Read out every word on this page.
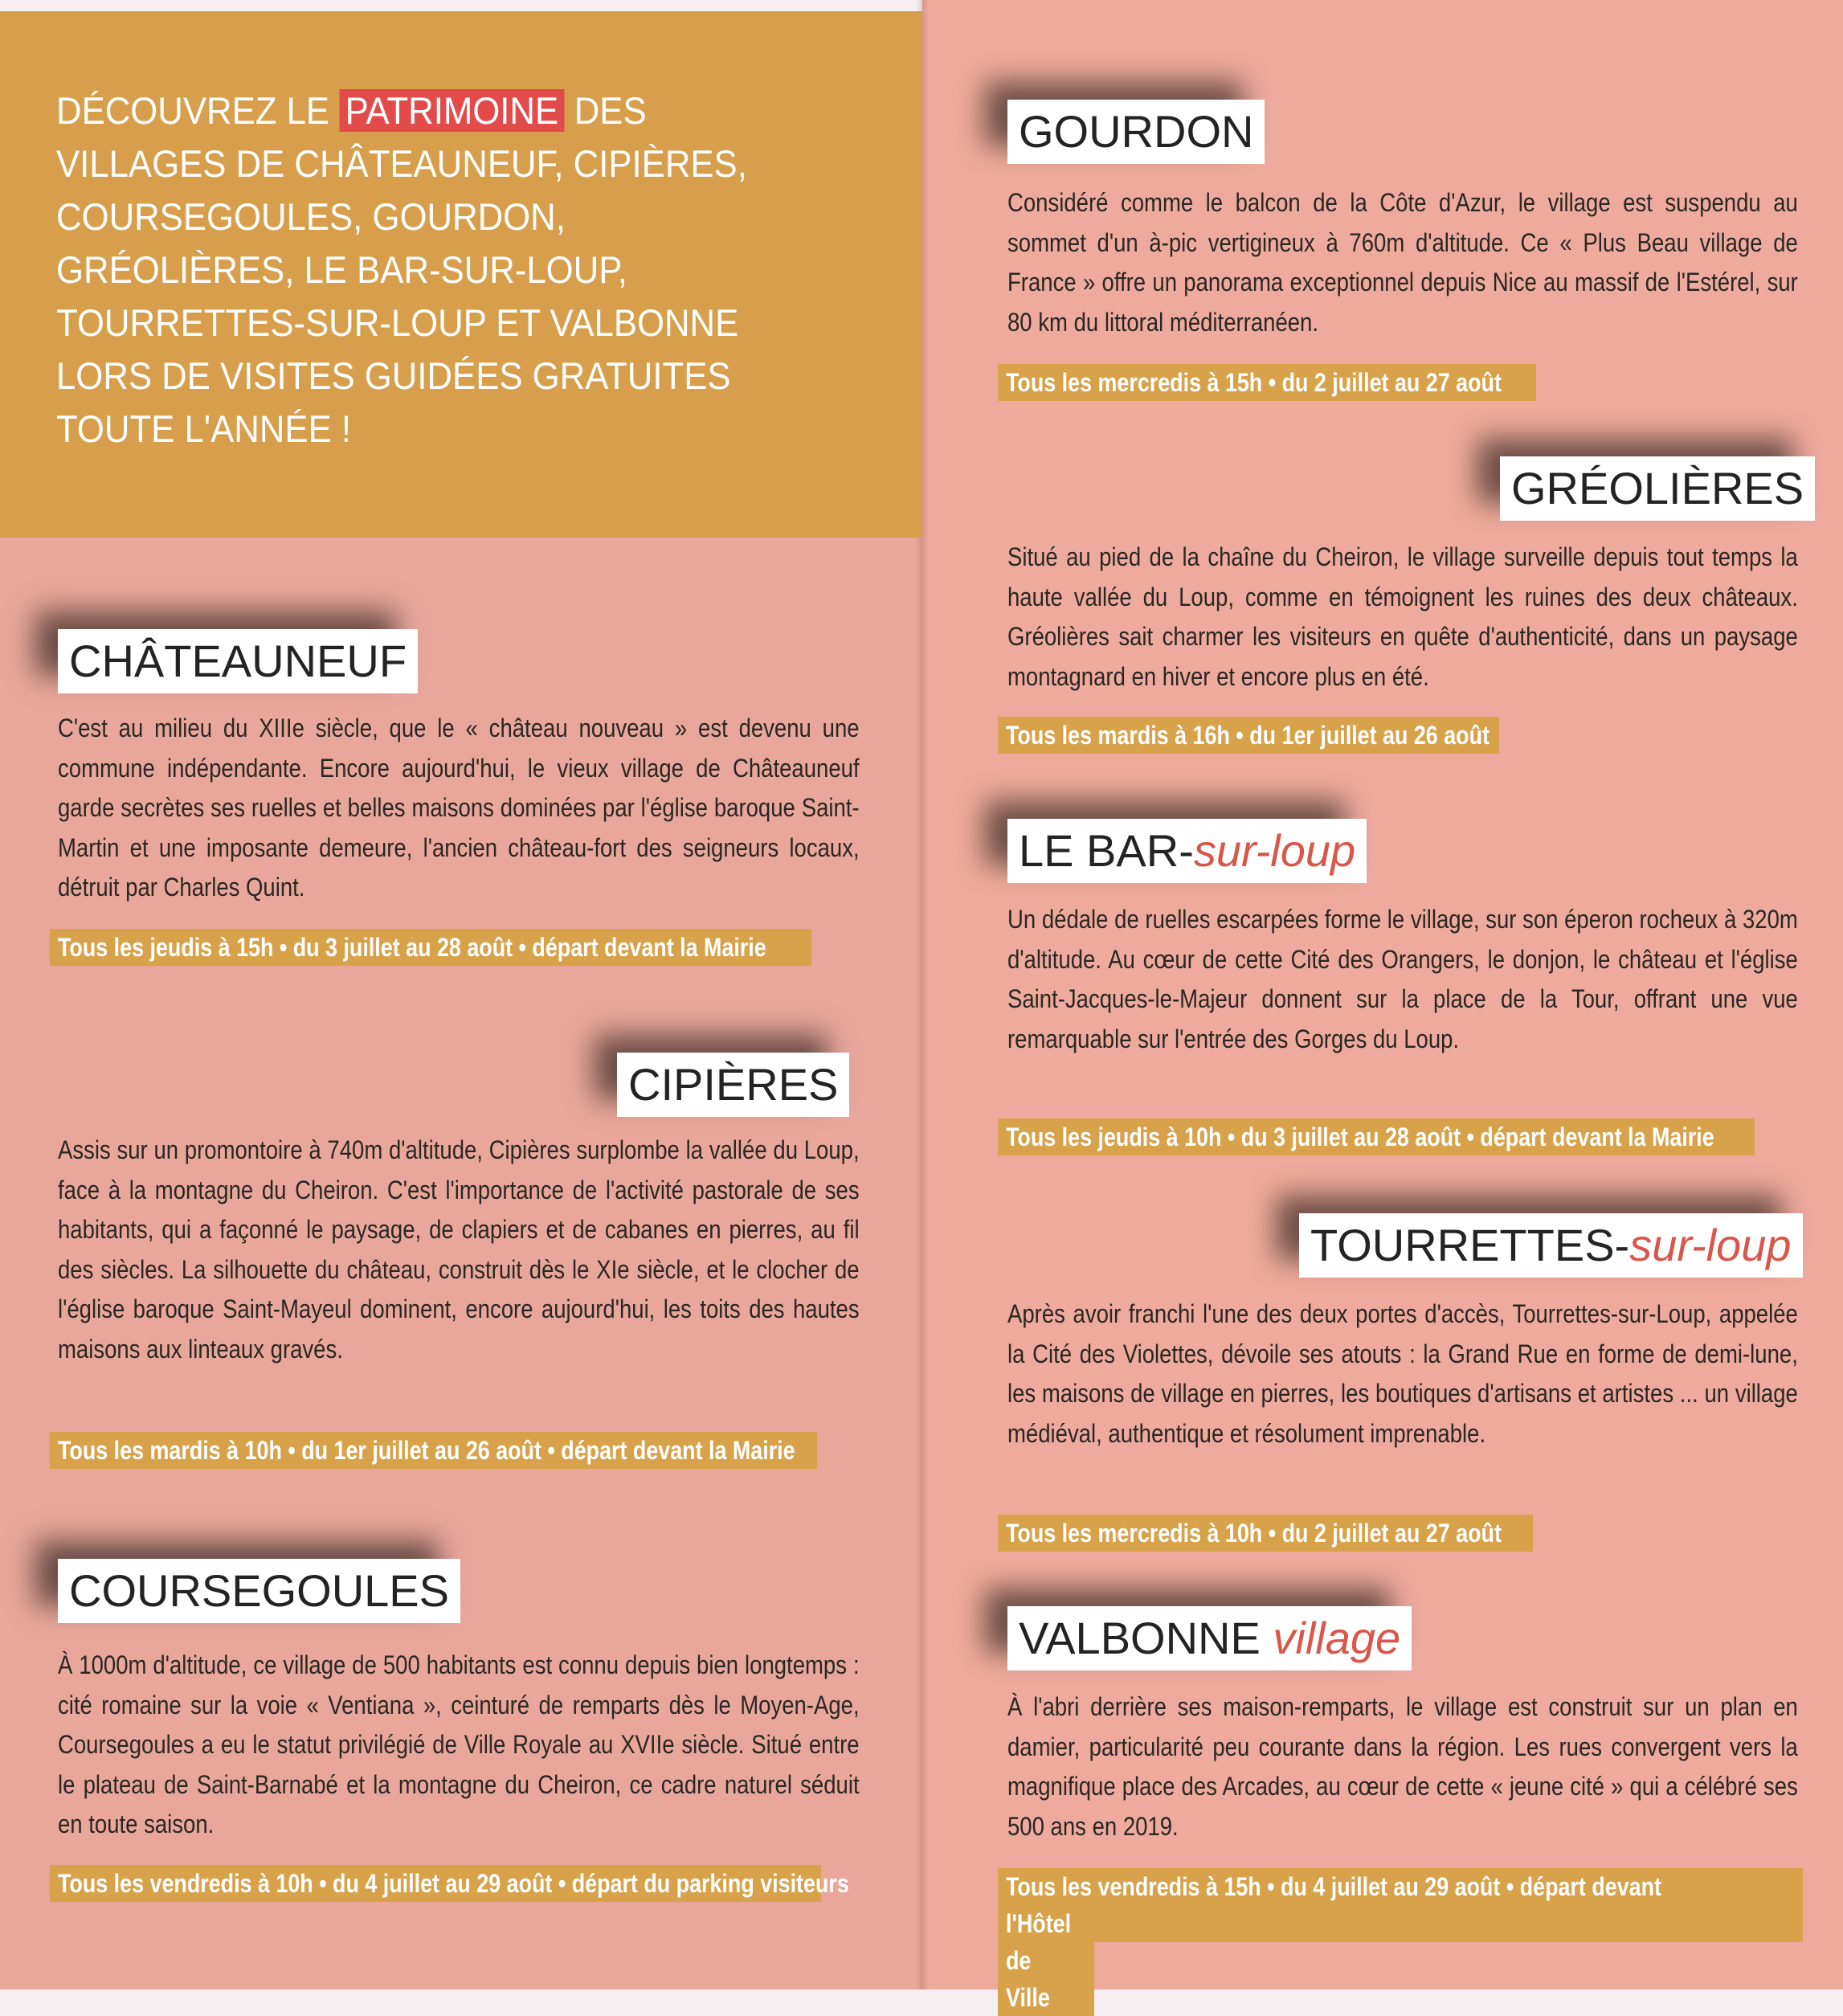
DÉCOUVREZ LE PATRIMOINE DES VILLAGES DE CHÂTEAUNEUF, CIPIÈRES, COURSEGOULES, GOURDON, GRÉOLIÈRES, LE BAR-SUR-LOUP, TOURRETTES-SUR-LOUP ET VALBONNE LORS DE VISITES GUIDÉES GRATUITES TOUTE L'ANNÉE !
CHÂTEAUNEUF
C'est au milieu du XIIIe siècle, que le « château nouveau » est devenu une commune indépendante. Encore aujourd'hui, le vieux village de Châteauneuf garde secrètes ses ruelles et belles maisons dominées par l'église baroque Saint-Martin et une imposante demeure, l'ancien château-fort des seigneurs locaux, détruit par Charles Quint.
Tous les jeudis à 15h • du 3 juillet au 28 août • départ devant la Mairie
CIPIÈRES
Assis sur un promontoire à 740m d'altitude, Cipières surplombe la vallée du Loup, face à la montagne du Cheiron. C'est l'importance de l'activité pastorale de ses habitants, qui a façonné le paysage, de clapiers et de cabanes en pierres, au fil des siècles. La silhouette du château, construit dès le XIe siècle, et le clocher de l'église baroque Saint-Mayeul dominent, encore aujourd'hui, les toits des hautes maisons aux linteaux gravés.
Tous les mardis à 10h • du 1er juillet au 26 août • départ devant la Mairie
COURSEGOULES
À 1000m d'altitude, ce village de 500 habitants est connu depuis bien longtemps : cité romaine sur la voie « Ventiana », ceinturé de remparts dès le Moyen-Age, Coursegoules a eu le statut privilégié de Ville Royale au XVIIe siècle. Situé entre le plateau de Saint-Barnabé et la montagne du Cheiron, ce cadre naturel séduit en toute saison.
Tous les vendredis à 10h • du 4 juillet au 29 août • départ du parking visiteurs
GOURDON
Considéré comme le balcon de la Côte d'Azur, le village est suspendu au sommet d'un à-pic vertigineux à 760m d'altitude. Ce « Plus Beau village de France » offre un panorama exceptionnel depuis Nice au massif de l'Estérel, sur 80 km du littoral méditerranéen.
Tous les mercredis à 15h • du 2 juillet au 27 août
GRÉOLIÈRES
Situé au pied de la chaîne du Cheiron, le village surveille depuis tout temps la haute vallée du Loup, comme en témoignent les ruines des deux châteaux. Gréolières sait charmer les visiteurs en quête d'authenticité, dans un paysage montagnard en hiver et encore plus en été.
Tous les mardis à 16h • du 1er juillet au 26 août
LE BAR-sur-loup
Un dédale de ruelles escarpées forme le village, sur son éperon rocheux à 320m d'altitude. Au cœur de cette Cité des Orangers, le donjon, le château et l'église Saint-Jacques-le-Majeur donnent sur la place de la Tour, offrant une vue remarquable sur l'entrée des Gorges du Loup.
Tous les jeudis à 10h • du 3 juillet au 28 août • départ devant la Mairie
TOURRETTES-sur-loup
Après avoir franchi l'une des deux portes d'accès, Tourrettes-sur-Loup, appelée la Cité des Violettes, dévoile ses atouts : la Grand Rue en forme de demi-lune, les maisons de village en pierres, les boutiques d'artisans et artistes ... un village médiéval, authentique et résolument imprenable.
Tous les mercredis à 10h • du 2 juillet au 27 août
VALBONNE village
À l'abri derrière ses maison-remparts, le village est construit sur un plan en damier, particularité peu courante dans la région. Les rues convergent vers la magnifique place des Arcades, au cœur de cette « jeune cité » qui a célébré ses 500 ans en 2019.
Tous les vendredis à 15h • du 4 juillet au 29 août • départ devant l'Hôtel
de Ville
